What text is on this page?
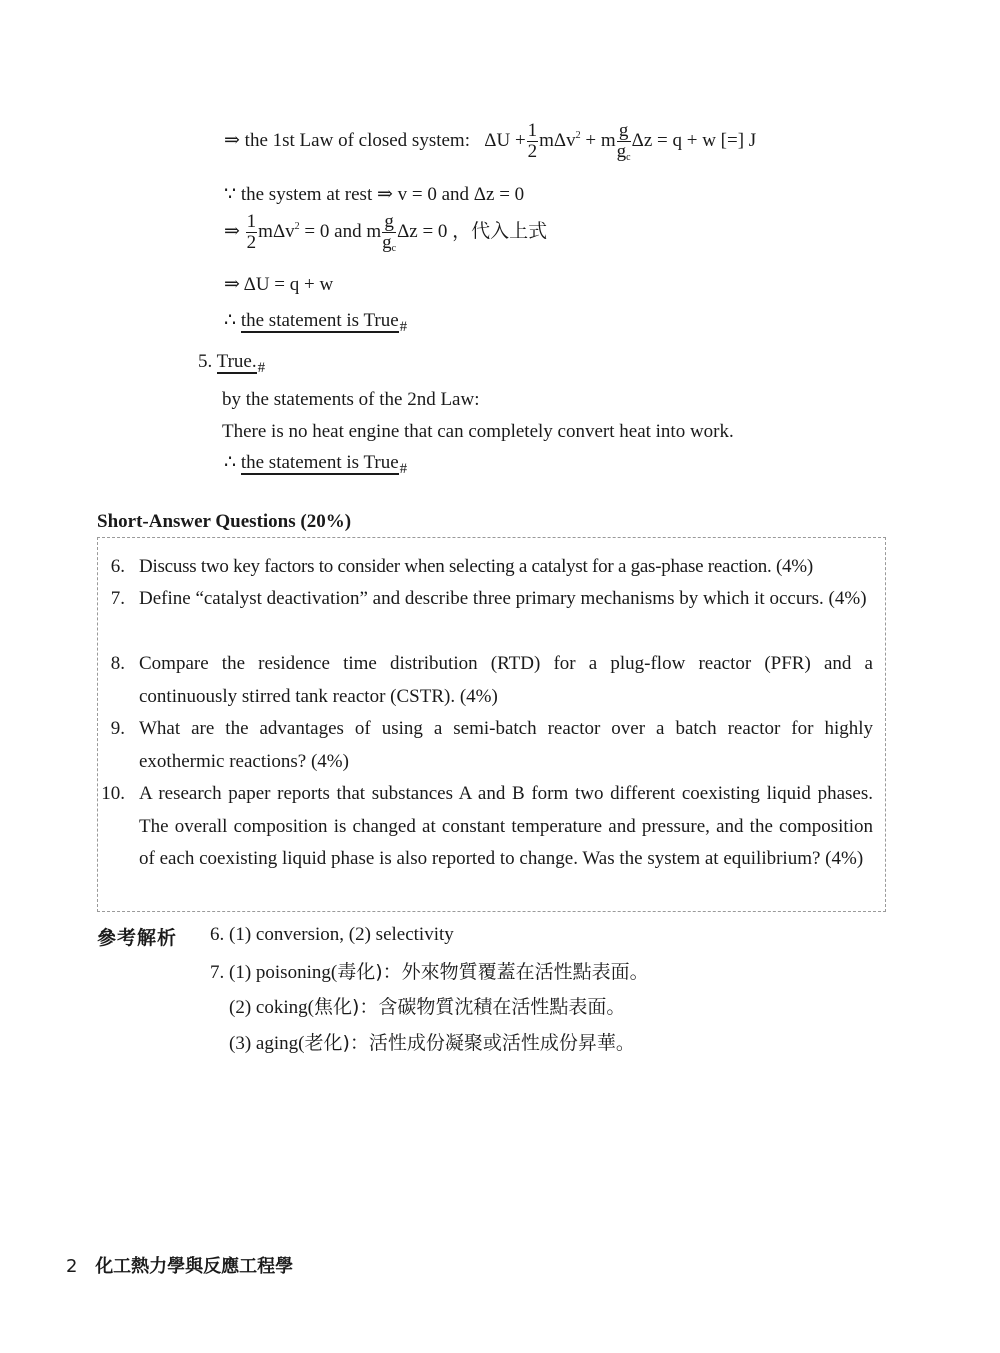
⇒ the 1st Law of closed system: $\Delta U + \frac{1}{2} m\Delta v^2 + m \frac{g}{g_c}$ Δz = q + w [=] J
∵ the system at rest ⇒ v = 0 and Δz = 0
⇒ $\frac{1}{2} m\Delta v^2 = 0$ and m $\frac{g}{g_c}$ Δz = 0 ，代入上式
⇒ ΔU = q + w
∴ the statement is True$_{\#}$
5. $True._{\#}$
by the statements of the 2nd Law:
There is no heat engine that can completely convert heat into work.
∴ the statement is True$_{\#}$
Short-Answer Questions (20%)
6. Discuss two key factors to consider when selecting a catalyst for a gas-phase reaction. (4%)
7. Define “catalyst deactivation” and describe three primary mechanisms by which it occurs. (4%)
8. Compare the residence time distribution (RTD) for a plug-flow reactor (PFR) and a continuously stirred tank reactor (CSTR). (4%)
9. What are the advantages of using a semi-batch reactor over a batch reactor for highly exothermic reactions? (4%)
10. A research paper reports that substances A and B form two different coexisting liquid phases. The overall composition is changed at constant temperature and pressure, and the composition of each coexisting liquid phase is also reported to change. Was the system at equilibrium? (4%)
參考解析 6. (1) conversion, (2) selectivity
7. (1) poisoning(毒化)：外來物質覆蓋在活性點表面。
(2) coking(焦化)：含碳物質沈積在活性點表面。
(3) aging(老化)：活性成份凝聚或活性成份昇華。
2 化工熱力學與反應工程學
